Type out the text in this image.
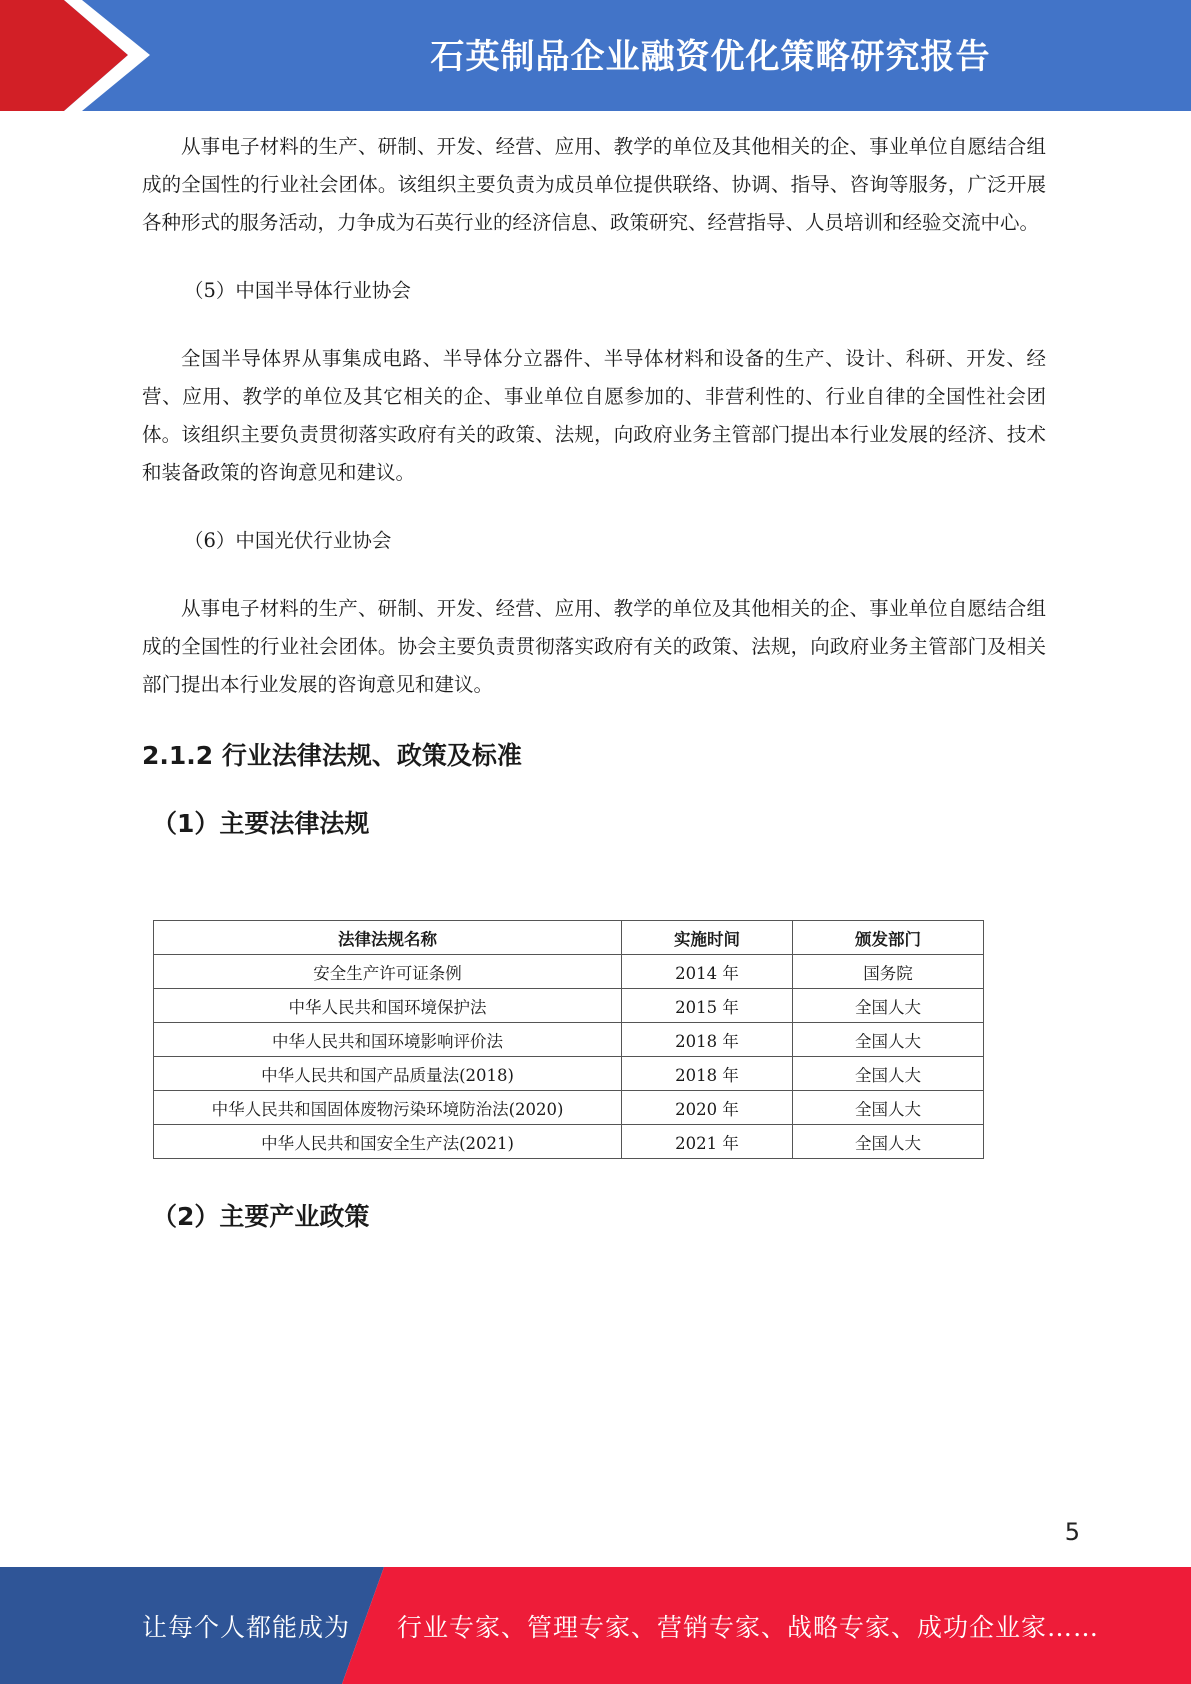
石英制品企业融资优化策略研究报告

从事电子材料的生产、研制、开发、经营、应用、教学的单位及其他相关的企、事业单位自愿结合组成的全国性的行业社会团体。该组织主要负责为成员单位提供联络、协调、指导、咨询等服务，广泛开展各种形式的服务活动，力争成为石英行业的经济信息、政策研究、经营指导、人员培训和经验交流中心。

（5）中国半导体行业协会

全国半导体界从事集成电路、半导体分立器件、半导体材料和设备的生产、设计、科研、开发、经营、应用、教学的单位及其它相关的企、事业单位自愿参加的、非营利性的、行业自律的全国性社会团体。该组织主要负责贯彻落实政府有关的政策、法规，向政府业务主管部门提出本行业发展的经济、技术和装备政策的咨询意见和建议。

（6）中国光伏行业协会

从事电子材料的生产、研制、开发、经营、应用、教学的单位及其他相关的企、事业单位自愿结合组成的全国性的行业社会团体。协会主要负责贯彻落实政府有关的政策、法规，向政府业务主管部门及相关部门提出本行业发展的咨询意见和建议。

2.1.2 行业法律法规、政策及标准
（1）主要法律法规
法律法规名称	实施时间	颁发部门
安全生产许可证条例	2014 年	国务院
中华人民共和国环境保护法	2015 年	全国人大
中华人民共和国环境影响评价法	2018 年	全国人大
中华人民共和国产品质量法(2018)	2018 年	全国人大
中华人民共和国固体废物污染环境防治法(2020)	2020 年	全国人大
中华人民共和国安全生产法(2021)	2021 年	全国人大
（2）主要产业政策
5
让每个人都能成为 行业专家、管理专家、营销专家、战略专家、成功企业家……
